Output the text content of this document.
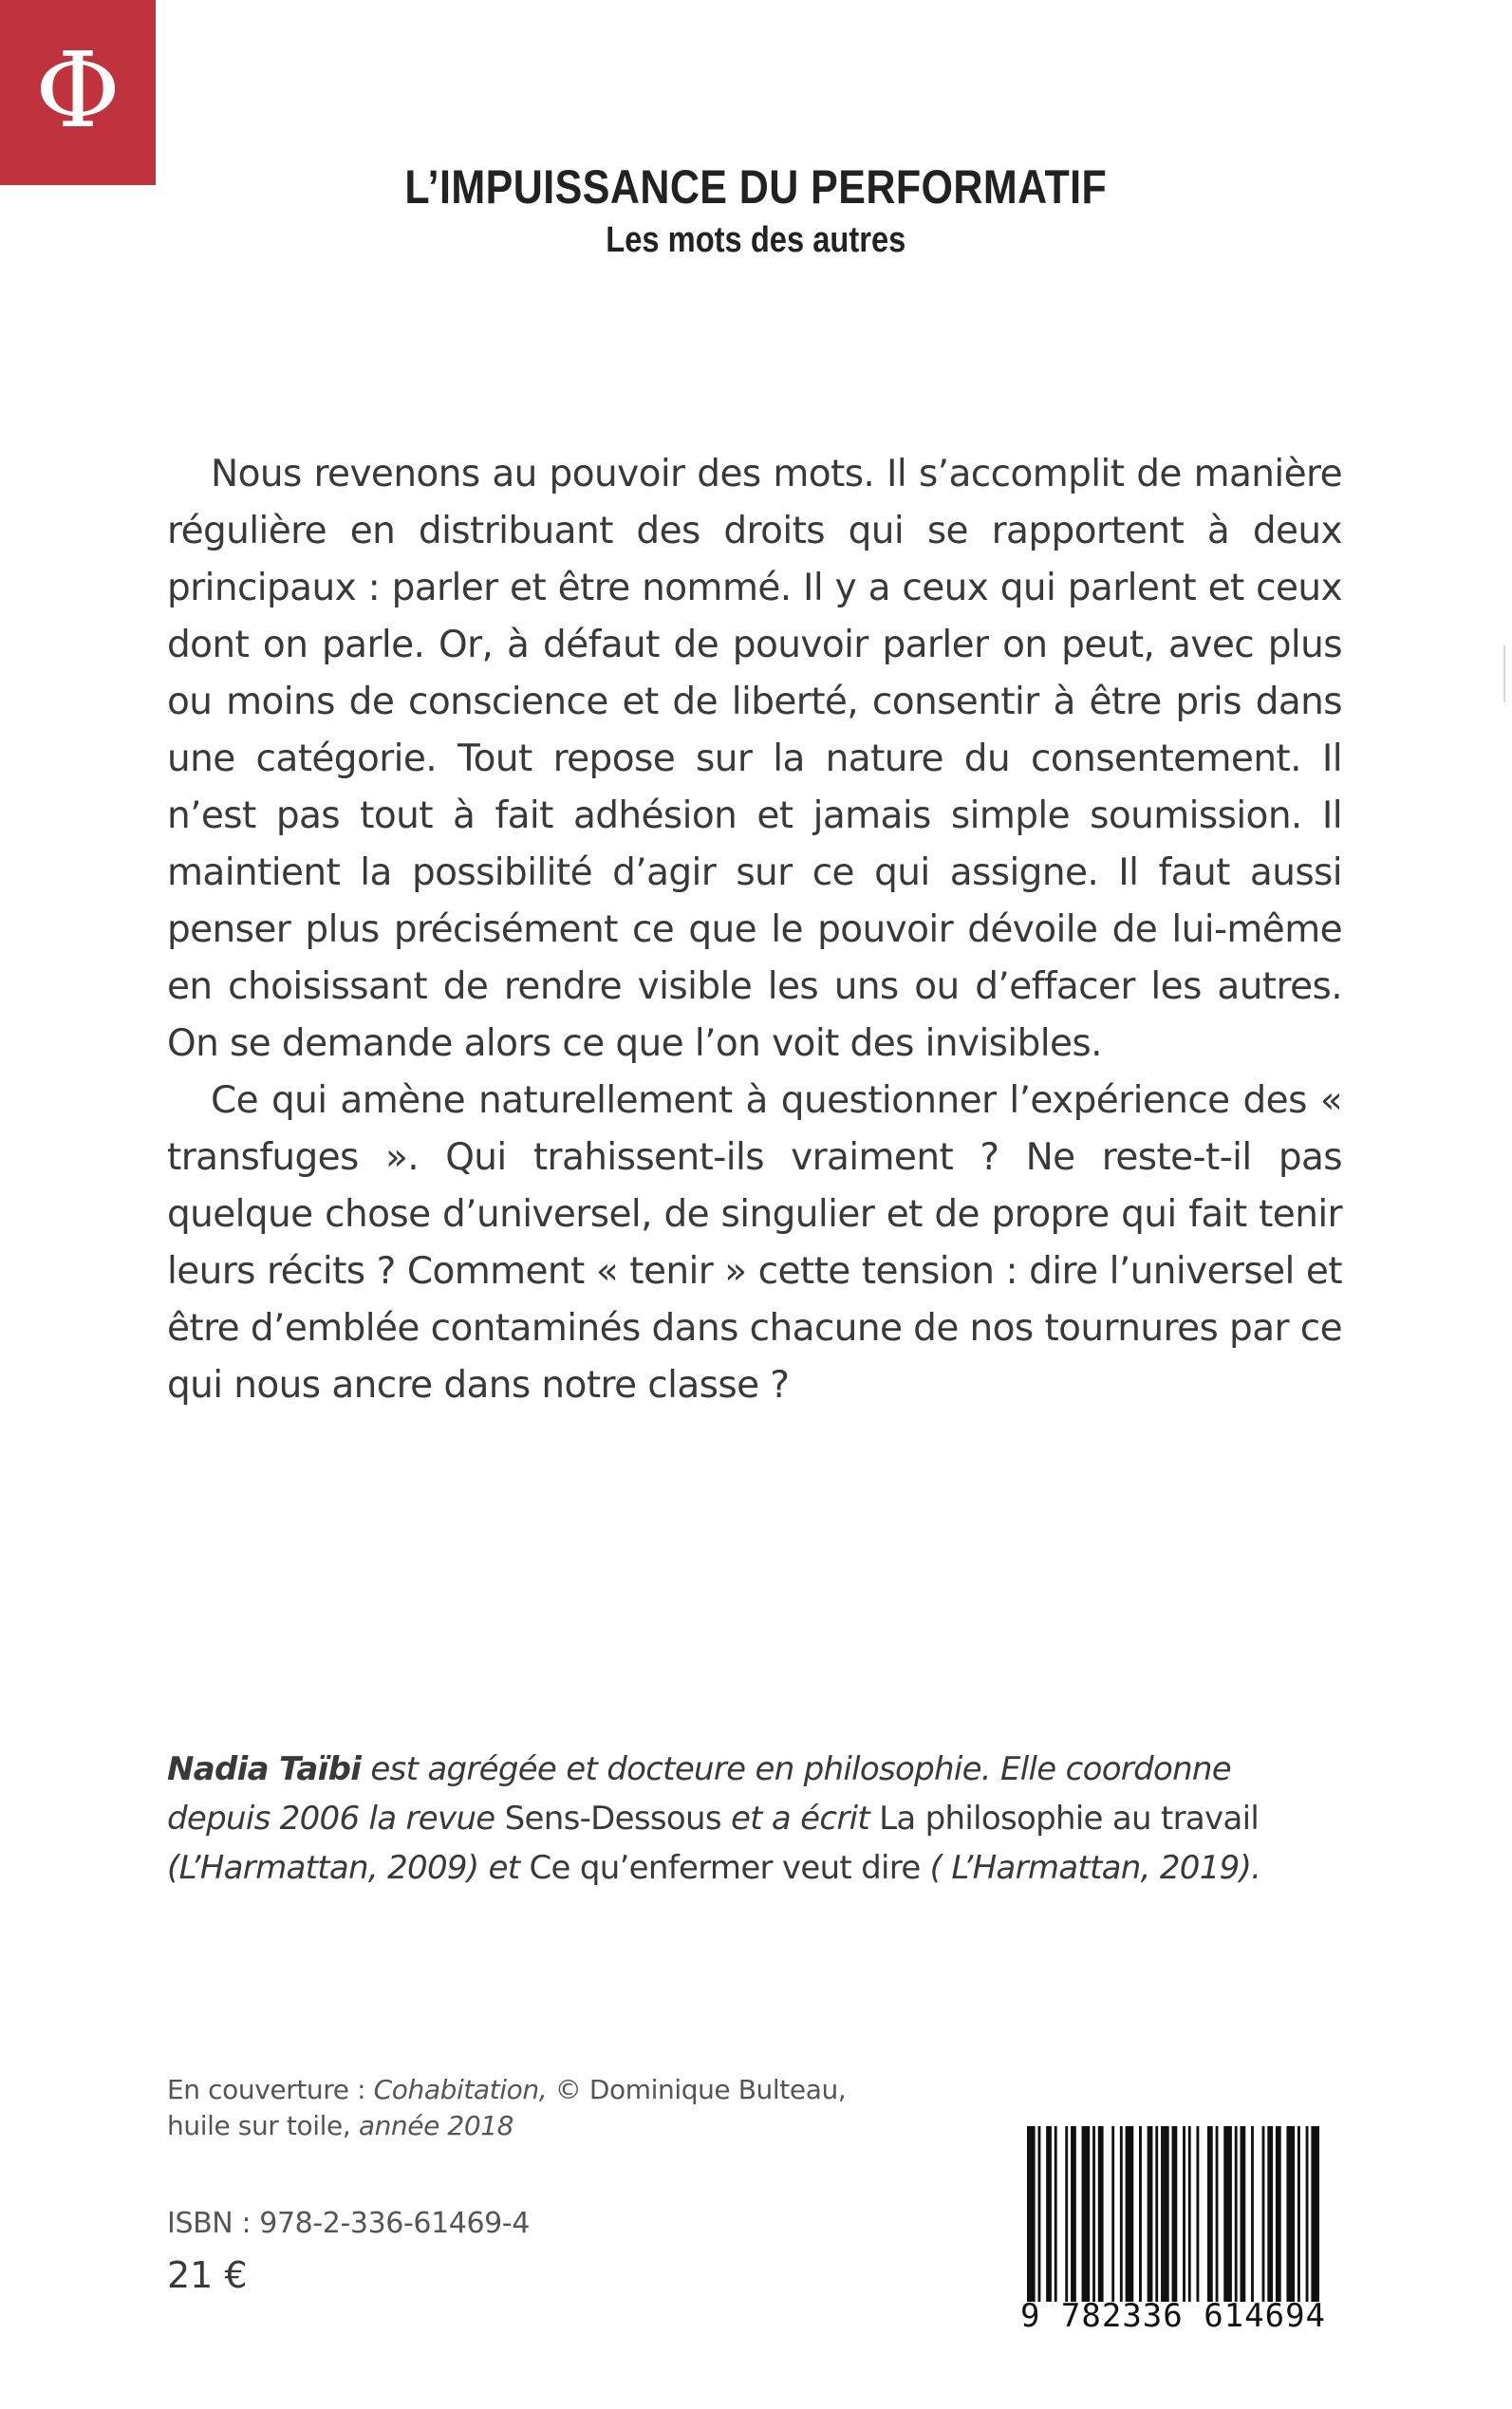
Φ
L’IMPUISSANCE DU PERFORMATIF
Les mots des autres

Nous revenons au pouvoir des mots. Il s’accomplit de manière régulière en distribuant des droits qui se rapportent à deux principaux : parler et être nommé. Il y a ceux qui parlent et ceux dont on parle. Or, à défaut de pouvoir parler on peut, avec plus ou moins de conscience et de liberté, consentir à être pris dans une catégorie. Tout repose sur la nature du consentement. Il n’est pas tout à fait adhésion et jamais simple soumission. Il maintient la possibilité d’agir sur ce qui assigne. Il faut aussi penser plus précisément ce que le pouvoir dévoile de lui-même en choisissant de rendre visible les uns ou d’effacer les autres. On se demande alors ce que l’on voit des invisibles.

Ce qui amène naturellement à questionner l’expérience des « transfuges ». Qui trahissent-ils vraiment ? Ne reste-t-il pas quelque chose d’universel, de singulier et de propre qui fait tenir leurs récits ? Comment « tenir » cette tension : dire l’universel et être d’emblée contaminés dans chacune de nos tournures par ce qui nous ancre dans notre classe ?

Nadia Taïbi est agrégée et docteure en philosophie. Elle coordonne depuis 2006 la revue Sens-Dessous et a écrit La philosophie au travail (L’Harmattan, 2009) et Ce qu’enfermer veut dire ( L’Harmattan, 2019).
En couverture : Cohabitation, © Dominique Bulteau,
huile sur toile, année 2018
ISBN : 978-2-336-61469-4
21 €
9 782336 614694
